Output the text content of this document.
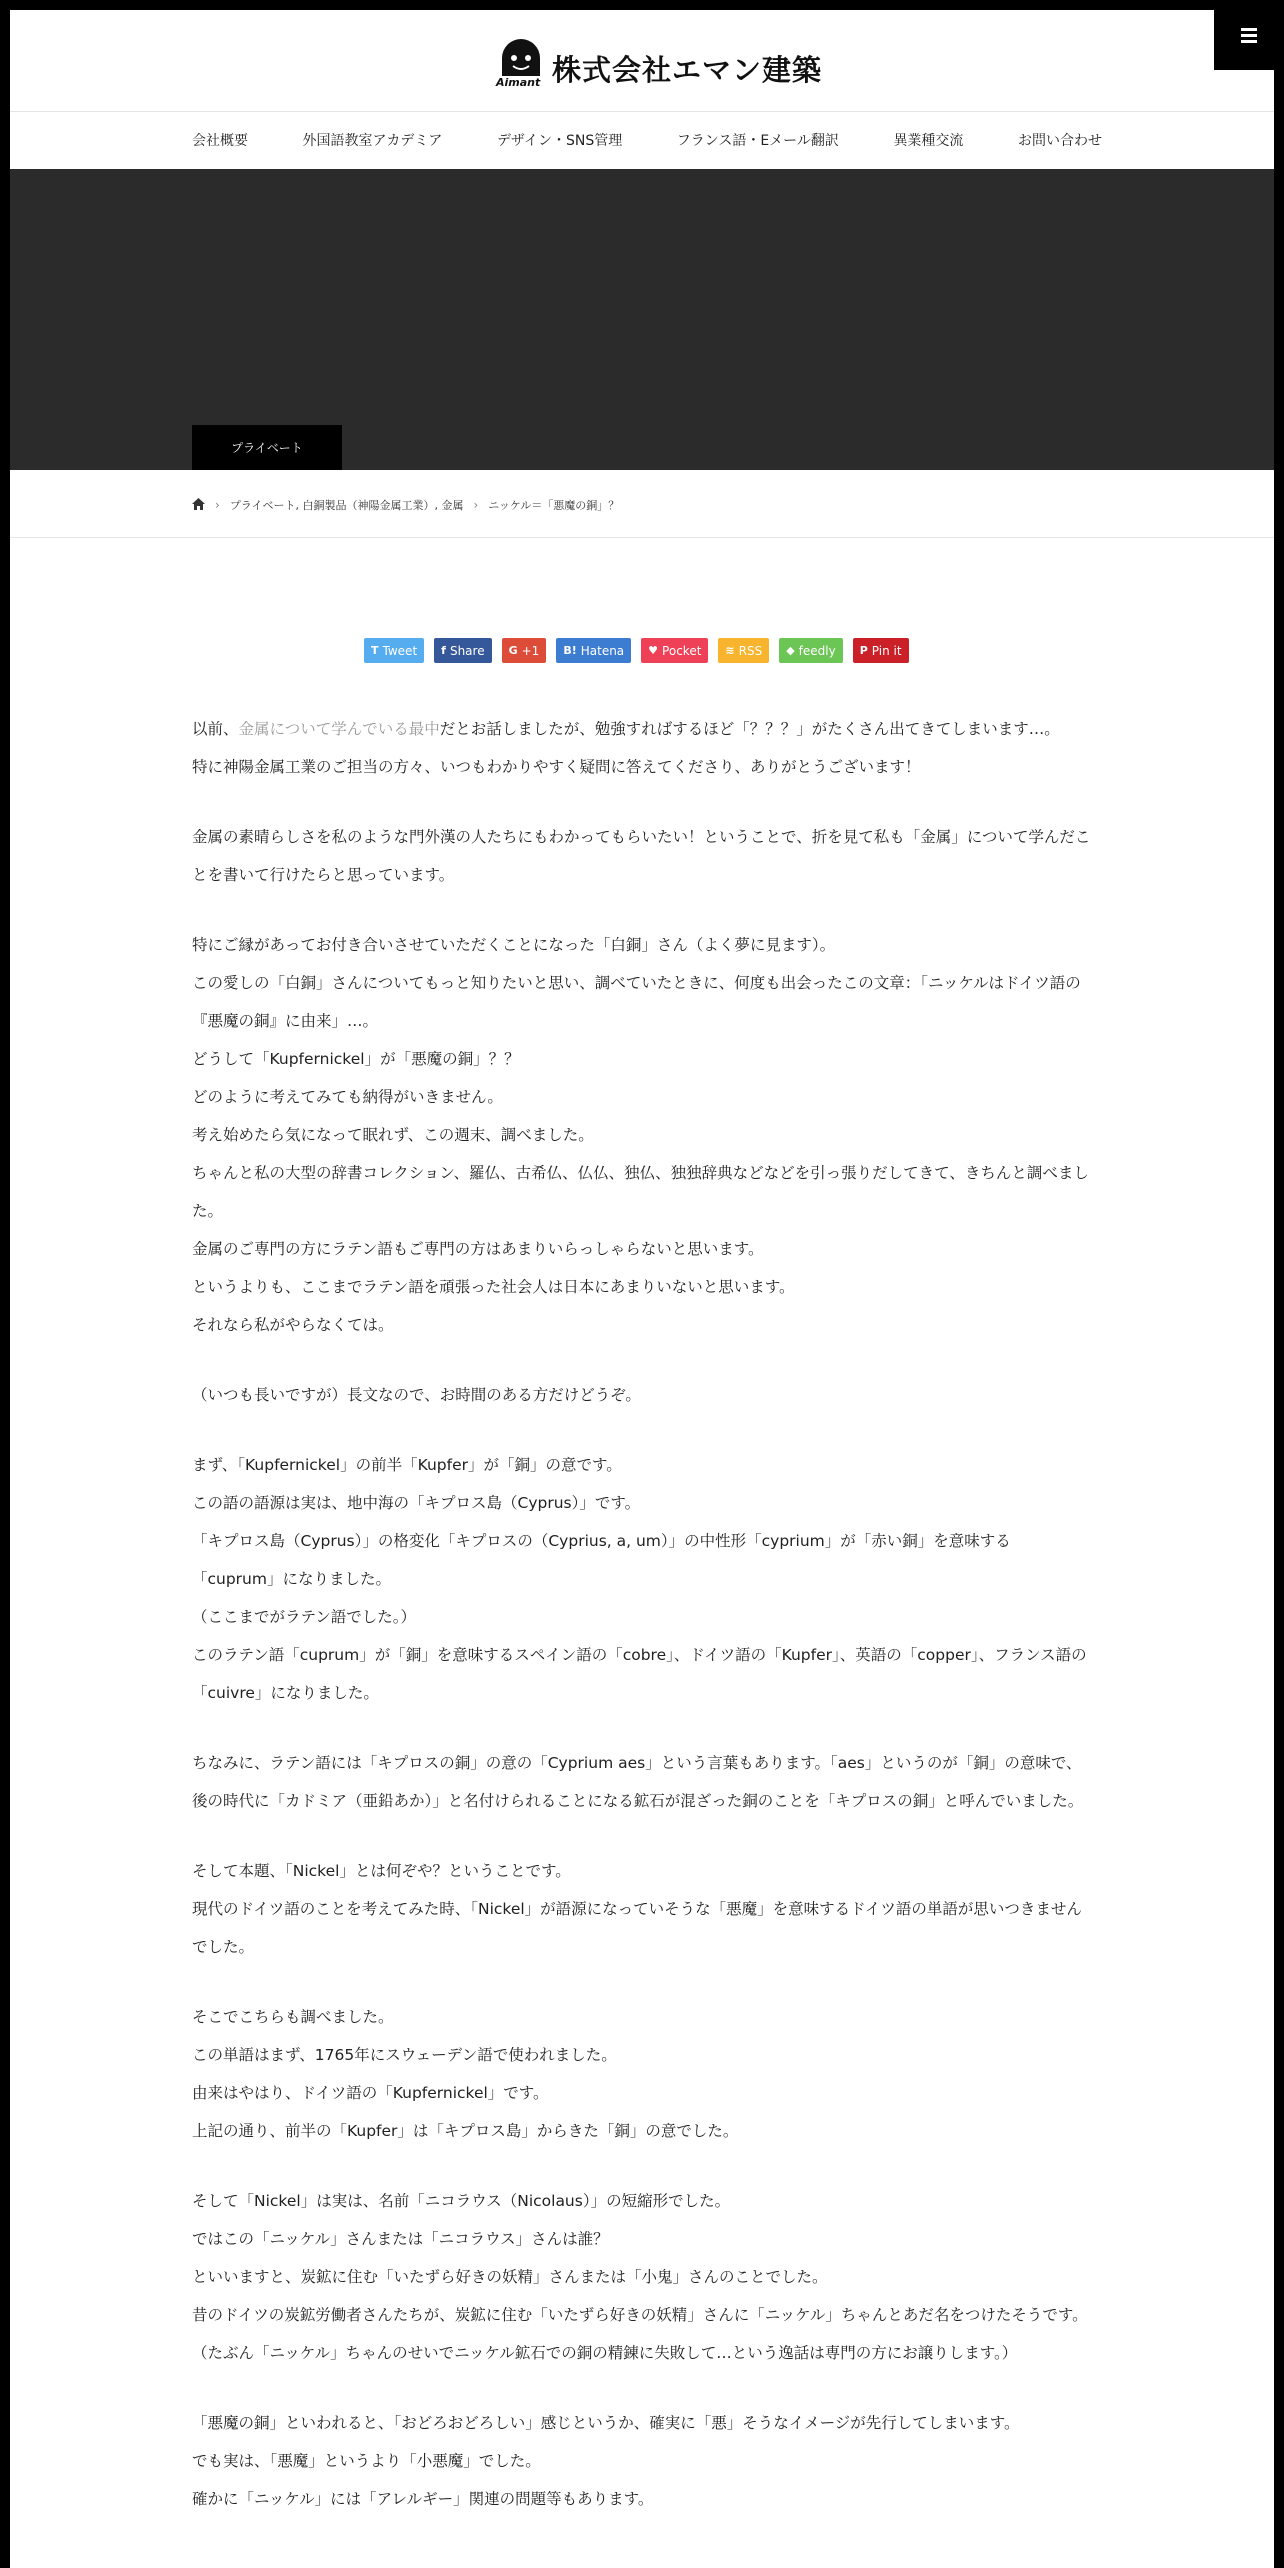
Aimant 株式会社エマン建築
会社概要	外国語教室アカデミア	デザイン・SNS管理	フランス語・Eメール翻訳	異業種交流	お問い合わせ
プライベート
› プライベート, 白銅製品（神陽金属工業）, 金属 › ニッケル＝「悪魔の銅」？
T Tweet f Share G +1 B! Hatena ♥ Pocket ≋ RSS ◆ feedly P Pin it

以前、金属について学んでいる最中だとお話しましたが、勉強すればするほど「？？？」がたくさん出てきてしまいます…。

特に神陽金属工業のご担当の方々、いつもわかりやすく疑問に答えてくださり、ありがとうございます！

金属の素晴らしさを私のような門外漢の人たちにもわかってもらいたい！ということで、折を見て私も「金属」について学んだことを書いて行けたらと思っています。

特にご縁があってお付き合いさせていただくことになった「白銅」さん（よく夢に見ます）。

この愛しの「白銅」さんについてもっと知りたいと思い、調べていたときに、何度も出会ったこの文章：「ニッケルはドイツ語の『悪魔の銅』に由来」…。

どうして「Kupfernickel」が「悪魔の銅」？？

どのように考えてみても納得がいきません。

考え始めたら気になって眠れず、この週末、調べました。

ちゃんと私の大型の辞書コレクション、羅仏、古希仏、仏仏、独仏、独独辞典などなどを引っ張りだしてきて、きちんと調べました。

金属のご専門の方にラテン語もご専門の方はあまりいらっしゃらないと思います。

というよりも、ここまでラテン語を頑張った社会人は日本にあまりいないと思います。

それなら私がやらなくては。

（いつも長いですが）長文なので、お時間のある方だけどうぞ。

まず、「Kupfernickel」の前半「Kupfer」が「銅」の意です。

この語の語源は実は、地中海の「キプロス島（Cyprus）」です。

「キプロス島（Cyprus）」の格変化「キプロスの（Cyprius, a, um）」の中性形「cyprium」が「赤い銅」を意味する「cuprum」になりました。

（ここまでがラテン語でした。）

このラテン語「cuprum」が「銅」を意味するスペイン語の「cobre」、ドイツ語の「Kupfer」、英語の「copper」、フランス語の「cuivre」になりました。

ちなみに、ラテン語には「キプロスの銅」の意の「Cyprium aes」という言葉もあります。「aes」というのが「銅」の意味で、後の時代に「カドミア（亜鉛あか）」と名付けられることになる鉱石が混ざった銅のことを「キプロスの銅」と呼んでいました。

そして本題、「Nickel」とは何ぞや？ということです。

現代のドイツ語のことを考えてみた時、「Nickel」が語源になっていそうな「悪魔」を意味するドイツ語の単語が思いつきませんでした。

そこでこちらも調べました。

この単語はまず、1765年にスウェーデン語で使われました。

由来はやはり、ドイツ語の「Kupfernickel」です。

上記の通り、前半の「Kupfer」は「キプロス島」からきた「銅」の意でした。

そして「Nickel」は実は、名前「ニコラウス（Nicolaus）」の短縮形でした。

ではこの「ニッケル」さんまたは「ニコラウス」さんは誰？

といいますと、炭鉱に住む「いたずら好きの妖精」さんまたは「小鬼」さんのことでした。

昔のドイツの炭鉱労働者さんたちが、炭鉱に住む「いたずら好きの妖精」さんに「ニッケル」ちゃんとあだ名をつけたそうです。

（たぶん「ニッケル」ちゃんのせいでニッケル鉱石での銅の精錬に失敗して…という逸話は専門の方にお譲りします。）

「悪魔の銅」といわれると、「おどろおどろしい」感じというか、確実に「悪」そうなイメージが先行してしまいます。

でも実は、「悪魔」というより「小悪魔」でした。

確かに「ニッケル」には「アレルギー」関連の問題等もあります。
